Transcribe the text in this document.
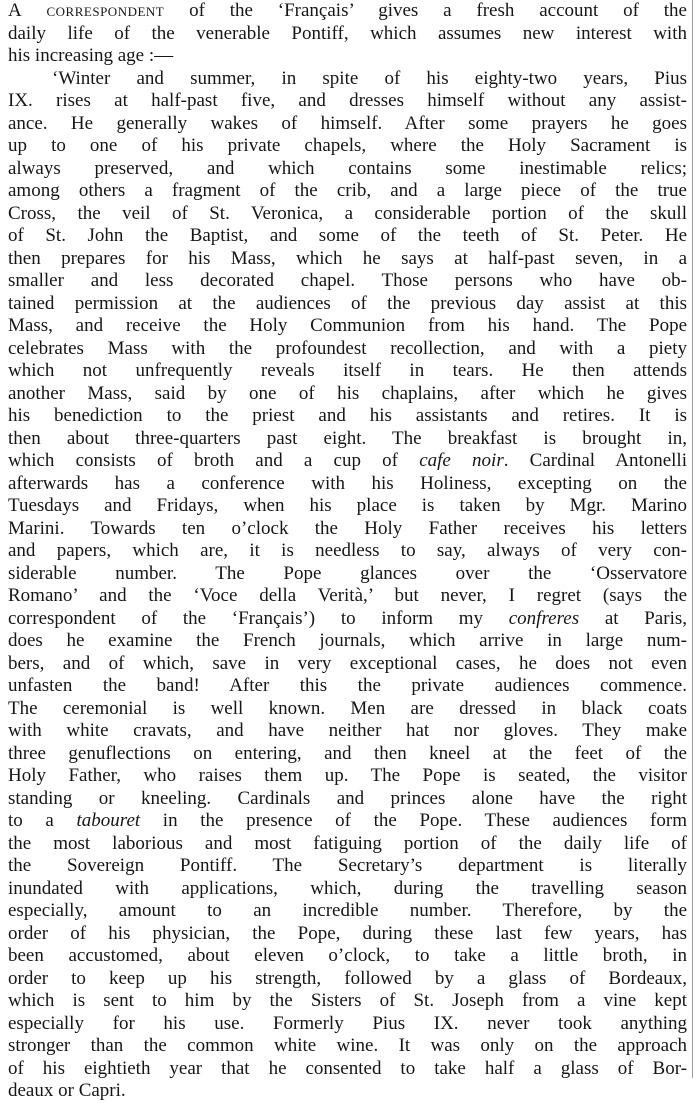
A correspondent of the ‘Français’ gives a fresh account of the
daily life of the venerable Pontiff, which assumes new interest with
his increasing age :—
‘Winter and summer, in spite of his eighty-two years, Pius
IX. rises at half-past five, and dresses himself without any assist-
ance. He generally wakes of himself. After some prayers he goes
up to one of his private chapels, where the Holy Sacrament is
always preserved, and which contains some inestimable relics;
among others a fragment of the crib, and a large piece of the true
Cross, the veil of St. Veronica, a considerable portion of the skull
of St. John the Baptist, and some of the teeth of St. Peter. He
then prepares for his Mass, which he says at half-past seven, in a
smaller and less decorated chapel. Those persons who have ob-
tained permission at the audiences of the previous day assist at this
Mass, and receive the Holy Communion from his hand. The Pope
celebrates Mass with the profoundest recollection, and with a piety
which not unfrequently reveals itself in tears. He then attends
another Mass, said by one of his chaplains, after which he gives
his benediction to the priest and his assistants and retires. It is
then about three-quarters past eight. The breakfast is brought in,
which consists of broth and a cup of cafe noir. Cardinal Antonelli
afterwards has a conference with his Holiness, excepting on the
Tuesdays and Fridays, when his place is taken by Mgr. Marino
Marini. Towards ten o’clock the Holy Father receives his letters
and papers, which are, it is needless to say, always of very con-
siderable number. The Pope glances over the ‘Osservatore
Romano’ and the ‘Voce della Verità,’ but never, I regret (says the
correspondent of the ‘Français’) to inform my confreres at Paris,
does he examine the French journals, which arrive in large num-
bers, and of which, save in very exceptional cases, he does not even
unfasten the band! After this the private audiences commence.
The ceremonial is well known. Men are dressed in black coats
with white cravats, and have neither hat nor gloves. They make
three genuflections on entering, and then kneel at the feet of the
Holy Father, who raises them up. The Pope is seated, the visitor
standing or kneeling. Cardinals and princes alone have the right
to a tabouret in the presence of the Pope. These audiences form
the most laborious and most fatiguing portion of the daily life of
the Sovereign Pontiff. The Secretary’s department is literally
inundated with applications, which, during the travelling season
especially, amount to an incredible number. Therefore, by the
order of his physician, the Pope, during these last few years, has
been accustomed, about eleven o’clock, to take a little broth, in
order to keep up his strength, followed by a glass of Bordeaux,
which is sent to him by the Sisters of St. Joseph from a vine kept
especially for his use. Formerly Pius IX. never took anything
stronger than the common white wine. It was only on the approach
of his eightieth year that he consented to take half a glass of Bor-
deaux or Capri.
